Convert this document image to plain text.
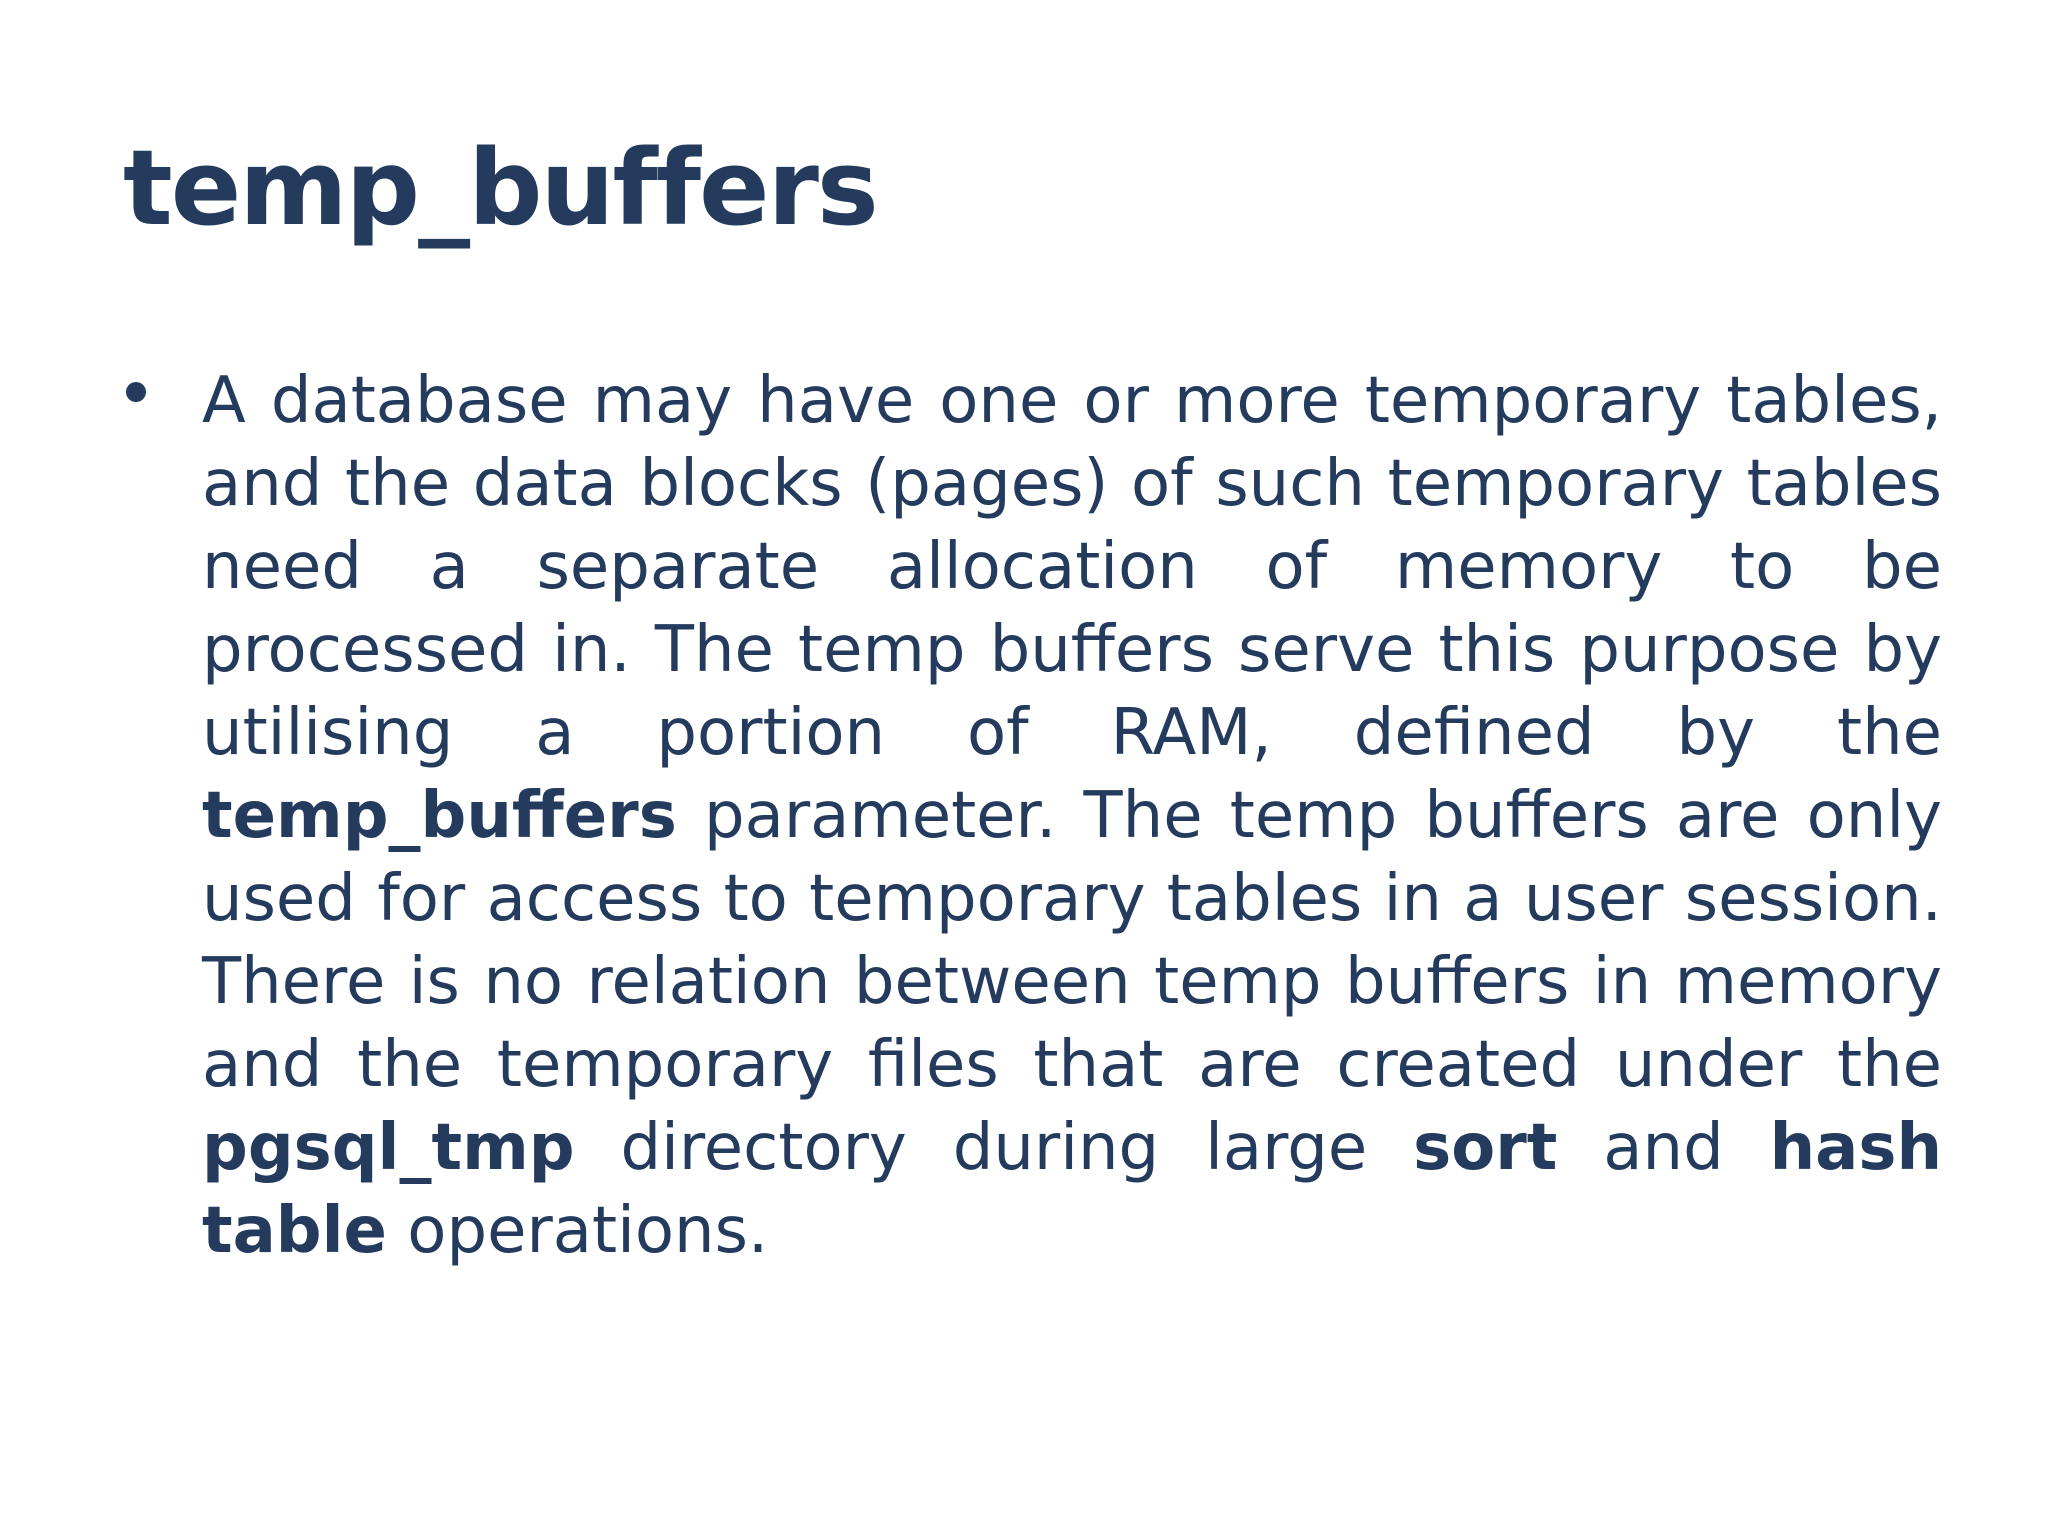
temp_buffers
A database may have one or more temporary tables, and the data blocks (pages) of such temporary tables need a separate allocation of memory to be processed in. The temp buffers serve this purpose by utilising a portion of RAM, defined by the temp_buffers parameter. The temp buffers are only used for access to temporary tables in a user session. There is no relation between temp buffers in memory and the temporary files that are created under the pgsql_tmp directory during large sort and hash table operations.
